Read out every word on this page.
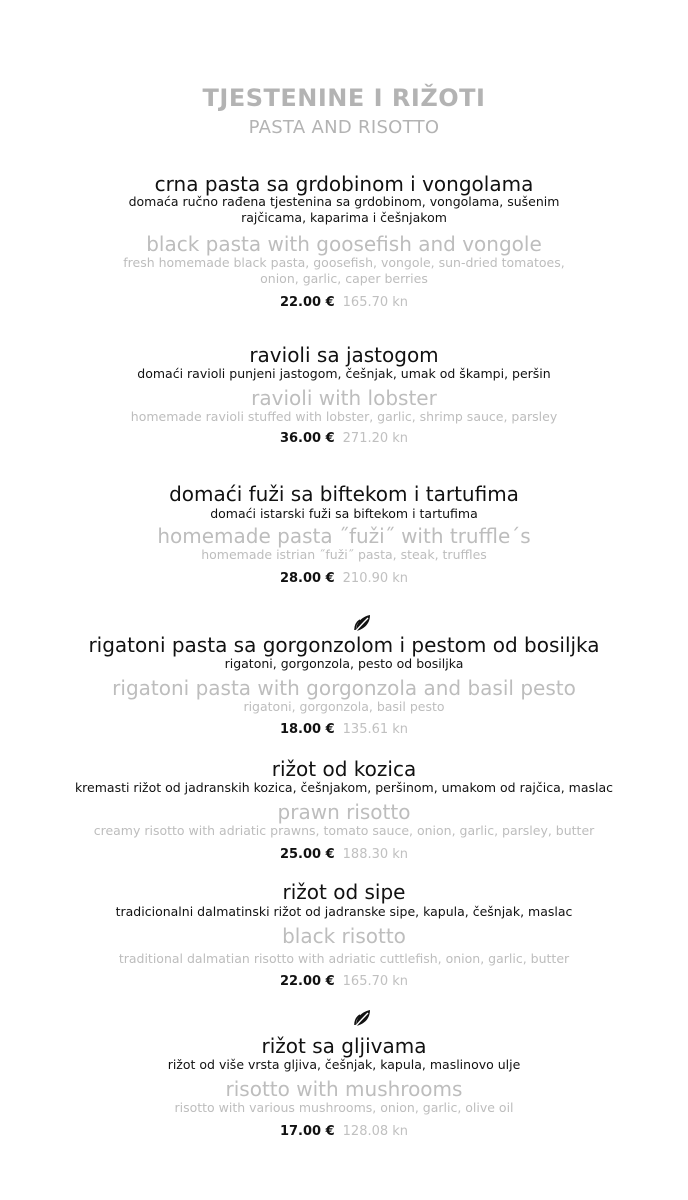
TJESTENINE I RIŽOTI
PASTA AND RISOTTO
crna pasta sa grdobinom i vongolama
domaća ručno rađena tjestenina sa grdobinom, vongolama, sušenim rajčicama, kaparima i češnjakom
black pasta with goosefish and vongole
fresh homemade black pasta, goosefish, vongole, sun-dried tomatoes, onion, garlic, caper berries
22.00 € 165.70 kn
ravioli sa jastogom
domaći ravioli punjeni jastogom, češnjak, umak od škampi, peršin
ravioli with lobster
homemade ravioli stuffed with lobster, garlic, shrimp sauce, parsley
36.00 € 271.20 kn
domaći fuži sa biftekom i tartufima
domaći istarski fuži sa biftekom i tartufima
homemade pasta ˝fuži˝ with truffle´s
homemade istrian ˝fuži˝ pasta, steak, truffles
28.00 € 210.90 kn
rigatoni pasta sa gorgonzolom i pestom od bosiljka
rigatoni, gorgonzola, pesto od bosiljka
rigatoni pasta with gorgonzola and basil pesto
rigatoni, gorgonzola, basil pesto
18.00 € 135.61 kn
rižot od kozica
kremasti rižot od jadranskih kozica, češnjakom, peršinom, umakom od rajčica, maslac
prawn risotto
creamy risotto with adriatic prawns, tomato sauce, onion, garlic, parsley, butter
25.00 € 188.30 kn
rižot od sipe
tradicionalni dalmatinski rižot od jadranske sipe, kapula, češnjak, maslac
black risotto
traditional dalmatian risotto with adriatic cuttlefish, onion, garlic, butter
22.00 € 165.70 kn
rižot sa gljivama
rižot od više vrsta gljiva, češnjak, kapula, maslinovo ulje
risotto with mushrooms
risotto with various mushrooms, onion, garlic, olive oil
17.00 € 128.08 kn
